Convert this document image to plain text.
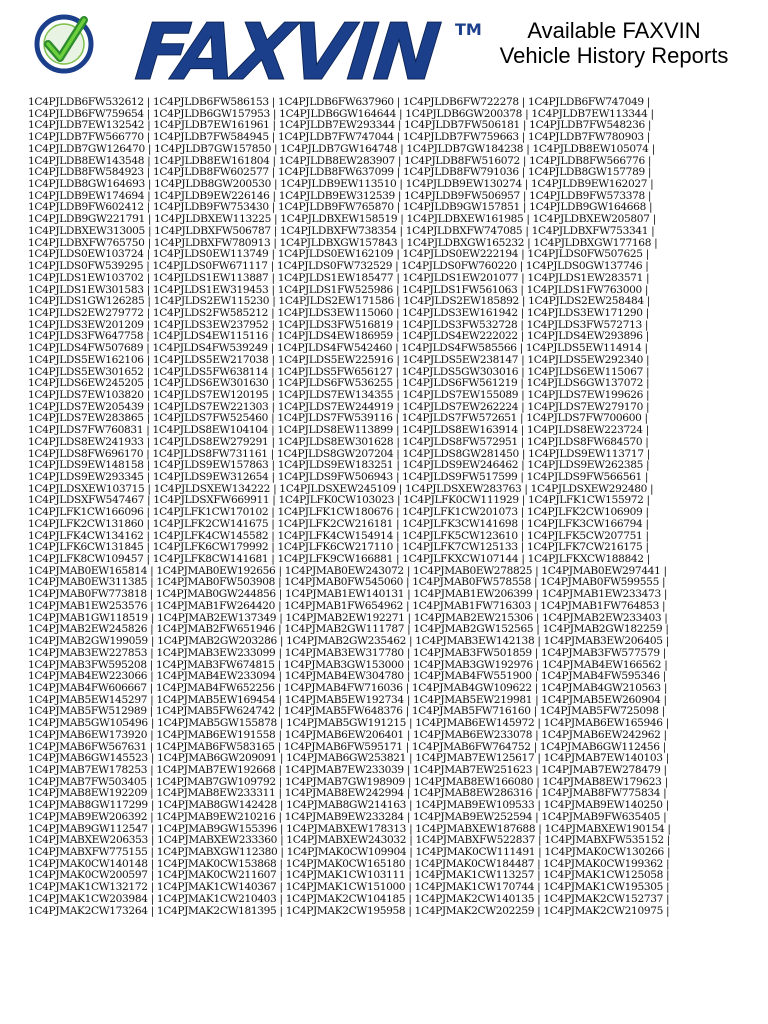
FAXVIN TM	Available FAXVIN
Vehicle History Reports
1C4PJLDB6FW532612 | 1C4PJLDB6FW586153 | 1C4PJLDB6FW637960 | 1C4PJLDB6FW722278 | 1C4PJLDB6FW747049 |
1C4PJLDB6FW759654 | 1C4PJLDB6GW157953 | 1C4PJLDB6GW164644 | 1C4PJLDB6GW200378 | 1C4PJLDB7EW113344 |
1C4PJLDB7EW132542 | 1C4PJLDB7EW161961 | 1C4PJLDB7EW293344 | 1C4PJLDB7FW506181 | 1C4PJLDB7FW548236 |
1C4PJLDB7FW566770 | 1C4PJLDB7FW584945 | 1C4PJLDB7FW747044 | 1C4PJLDB7FW759663 | 1C4PJLDB7FW780903 |
1C4PJLDB7GW126470 | 1C4PJLDB7GW157850 | 1C4PJLDB7GW164748 | 1C4PJLDB7GW184238 | 1C4PJLDB8EW105074 |
1C4PJLDB8EW143548 | 1C4PJLDB8EW161804 | 1C4PJLDB8EW283907 | 1C4PJLDB8FW516072 | 1C4PJLDB8FW566776 |
1C4PJLDB8FW584923 | 1C4PJLDB8FW602577 | 1C4PJLDB8FW637099 | 1C4PJLDB8FW791036 | 1C4PJLDB8GW157789 |
1C4PJLDB8GW164693 | 1C4PJLDB8GW200530 | 1C4PJLDB9EW113510 | 1C4PJLDB9EW130274 | 1C4PJLDB9EW162027 |
1C4PJLDB9EW174694 | 1C4PJLDB9EW226146 | 1C4PJLDB9EW312539 | 1C4PJLDB9FW506957 | 1C4PJLDB9FW573378 |
1C4PJLDB9FW602412 | 1C4PJLDB9FW753430 | 1C4PJLDB9FW765870 | 1C4PJLDB9GW157851 | 1C4PJLDB9GW164668 |
1C4PJLDB9GW221791 | 1C4PJLDBXEW113225 | 1C4PJLDBXEW158519 | 1C4PJLDBXEW161985 | 1C4PJLDBXEW205807 |
1C4PJLDBXEW313005 | 1C4PJLDBXFW506787 | 1C4PJLDBXFW738354 | 1C4PJLDBXFW747085 | 1C4PJLDBXFW753341 |
1C4PJLDBXFW765750 | 1C4PJLDBXFW780913 | 1C4PJLDBXGW157843 | 1C4PJLDBXGW165232 | 1C4PJLDBXGW177168 |
1C4PJLDS0EW103724 | 1C4PJLDS0EW113749 | 1C4PJLDS0EW162109 | 1C4PJLDS0EW222194 | 1C4PJLDS0FW507625 |
1C4PJLDS0FW539295 | 1C4PJLDS0FW671117 | 1C4PJLDS0FW732529 | 1C4PJLDS0FW760220 | 1C4PJLDS0GW137746 |
1C4PJLDS1EW103702 | 1C4PJLDS1EW113887 | 1C4PJLDS1EW185477 | 1C4PJLDS1EW201077 | 1C4PJLDS1EW283571 |
1C4PJLDS1EW301583 | 1C4PJLDS1EW319453 | 1C4PJLDS1FW525986 | 1C4PJLDS1FW561063 | 1C4PJLDS1FW763000 |
1C4PJLDS1GW126285 | 1C4PJLDS2EW115230 | 1C4PJLDS2EW171586 | 1C4PJLDS2EW185892 | 1C4PJLDS2EW258484 |
1C4PJLDS2EW279772 | 1C4PJLDS2FW585212 | 1C4PJLDS3EW115060 | 1C4PJLDS3EW161942 | 1C4PJLDS3EW171290 |
1C4PJLDS3EW201209 | 1C4PJLDS3EW237952 | 1C4PJLDS3FW516819 | 1C4PJLDS3FW532728 | 1C4PJLDS3FW572713 |
1C4PJLDS3FW647758 | 1C4PJLDS4EW115116 | 1C4PJLDS4EW186959 | 1C4PJLDS4EW222022 | 1C4PJLDS4EW293896 |
1C4PJLDS4FW507689 | 1C4PJLDS4FW539249 | 1C4PJLDS4FW542460 | 1C4PJLDS4FW585566 | 1C4PJLDS5EW114914 |
1C4PJLDS5EW162106 | 1C4PJLDS5EW217038 | 1C4PJLDS5EW225916 | 1C4PJLDS5EW238147 | 1C4PJLDS5EW292340 |
1C4PJLDS5EW301652 | 1C4PJLDS5FW638114 | 1C4PJLDS5FW656127 | 1C4PJLDS5GW303016 | 1C4PJLDS6EW115067 |
1C4PJLDS6EW245205 | 1C4PJLDS6EW301630 | 1C4PJLDS6FW536255 | 1C4PJLDS6FW561219 | 1C4PJLDS6GW137072 |
1C4PJLDS7EW103820 | 1C4PJLDS7EW120195 | 1C4PJLDS7EW134355 | 1C4PJLDS7EW155089 | 1C4PJLDS7EW199626 |
1C4PJLDS7EW205439 | 1C4PJLDS7EW221303 | 1C4PJLDS7EW244919 | 1C4PJLDS7EW262224 | 1C4PJLDS7EW279170 |
1C4PJLDS7EW283865 | 1C4PJLDS7FW525460 | 1C4PJLDS7FW539116 | 1C4PJLDS7FW572651 | 1C4PJLDS7FW700600 |
1C4PJLDS7FW760831 | 1C4PJLDS8EW104104 | 1C4PJLDS8EW113899 | 1C4PJLDS8EW163914 | 1C4PJLDS8EW223724 |
1C4PJLDS8EW241933 | 1C4PJLDS8EW279291 | 1C4PJLDS8EW301628 | 1C4PJLDS8FW572951 | 1C4PJLDS8FW684570 |
1C4PJLDS8FW696170 | 1C4PJLDS8FW731161 | 1C4PJLDS8GW207204 | 1C4PJLDS8GW281450 | 1C4PJLDS9EW113717 |
1C4PJLDS9EW148158 | 1C4PJLDS9EW157863 | 1C4PJLDS9EW183251 | 1C4PJLDS9EW246462 | 1C4PJLDS9EW262385 |
1C4PJLDS9EW293345 | 1C4PJLDS9EW312654 | 1C4PJLDS9FW506943 | 1C4PJLDS9FW517599 | 1C4PJLDS9FW566561 |
1C4PJLDSXEW103715 | 1C4PJLDSXEW134222 | 1C4PJLDSXEW245109 | 1C4PJLDSXEW283763 | 1C4PJLDSXEW292480 |
1C4PJLDSXFW547467 | 1C4PJLDSXFW669911 | 1C4PJLFK0CW103023 | 1C4PJLFK0CW111929 | 1C4PJLFK1CW155972 |
1C4PJLFK1CW166096 | 1C4PJLFK1CW170102 | 1C4PJLFK1CW180676 | 1C4PJLFK1CW201073 | 1C4PJLFK2CW106909 |
1C4PJLFK2CW131860 | 1C4PJLFK2CW141675 | 1C4PJLFK2CW216181 | 1C4PJLFK3CW141698 | 1C4PJLFK3CW166794 |
1C4PJLFK4CW134162 | 1C4PJLFK4CW145582 | 1C4PJLFK4CW154914 | 1C4PJLFK5CW123610 | 1C4PJLFK5CW207751 |
1C4PJLFK6CW131845 | 1C4PJLFK6CW179992 | 1C4PJLFK6CW217110 | 1C4PJLFK7CW125133 | 1C4PJLFK7CW216175 |
1C4PJLFK8CW109457 | 1C4PJLFK8CW141681 | 1C4PJLFK9CW166881 | 1C4PJLFKXCW107144 | 1C4PJLFKXCW188842 |
1C4PJMAB0EW165814 | 1C4PJMAB0EW192656 | 1C4PJMAB0EW243072 | 1C4PJMAB0EW278825 | 1C4PJMAB0EW297441 |
1C4PJMAB0EW311385 | 1C4PJMAB0FW503908 | 1C4PJMAB0FW545060 | 1C4PJMAB0FW578558 | 1C4PJMAB0FW599555 |
1C4PJMAB0FW773818 | 1C4PJMAB0GW244856 | 1C4PJMAB1EW140131 | 1C4PJMAB1EW206399 | 1C4PJMAB1EW233473 |
1C4PJMAB1EW253576 | 1C4PJMAB1FW264420 | 1C4PJMAB1FW654962 | 1C4PJMAB1FW716303 | 1C4PJMAB1FW764853 |
1C4PJMAB1GW118519 | 1C4PJMAB2EW137349 | 1C4PJMAB2EW192271 | 1C4PJMAB2EW215306 | 1C4PJMAB2EW233403 |
1C4PJMAB2EW245826 | 1C4PJMAB2FW651946 | 1C4PJMAB2GW111787 | 1C4PJMAB2GW152565 | 1C4PJMAB2GW182259 |
1C4PJMAB2GW199059 | 1C4PJMAB2GW203286 | 1C4PJMAB2GW235462 | 1C4PJMAB3EW142138 | 1C4PJMAB3EW206405 |
1C4PJMAB3EW227853 | 1C4PJMAB3EW233099 | 1C4PJMAB3EW317780 | 1C4PJMAB3FW501859 | 1C4PJMAB3FW577579 |
1C4PJMAB3FW595208 | 1C4PJMAB3FW674815 | 1C4PJMAB3GW153000 | 1C4PJMAB3GW192976 | 1C4PJMAB4EW166562 |
1C4PJMAB4EW223066 | 1C4PJMAB4EW233094 | 1C4PJMAB4EW304780 | 1C4PJMAB4FW551900 | 1C4PJMAB4FW595346 |
1C4PJMAB4FW606667 | 1C4PJMAB4FW652256 | 1C4PJMAB4FW716036 | 1C4PJMAB4GW109622 | 1C4PJMAB4GW210563 |
1C4PJMAB5EW145297 | 1C4PJMAB5EW169454 | 1C4PJMAB5EW192734 | 1C4PJMAB5EW219981 | 1C4PJMAB5EW260904 |
1C4PJMAB5FW512989 | 1C4PJMAB5FW624742 | 1C4PJMAB5FW648376 | 1C4PJMAB5FW716160 | 1C4PJMAB5FW725098 |
1C4PJMAB5GW105496 | 1C4PJMAB5GW155878 | 1C4PJMAB5GW191215 | 1C4PJMAB6EW145972 | 1C4PJMAB6EW165946 |
1C4PJMAB6EW173920 | 1C4PJMAB6EW191558 | 1C4PJMAB6EW206401 | 1C4PJMAB6EW233078 | 1C4PJMAB6EW242962 |
1C4PJMAB6FW567631 | 1C4PJMAB6FW583165 | 1C4PJMAB6FW595171 | 1C4PJMAB6FW764752 | 1C4PJMAB6GW112456 |
1C4PJMAB6GW145523 | 1C4PJMAB6GW209091 | 1C4PJMAB6GW253821 | 1C4PJMAB7EW125617 | 1C4PJMAB7EW140103 |
1C4PJMAB7EW178253 | 1C4PJMAB7EW192668 | 1C4PJMAB7EW233039 | 1C4PJMAB7EW251623 | 1C4PJMAB7EW278479 |
1C4PJMAB7FW503405 | 1C4PJMAB7GW109792 | 1C4PJMAB7GW198909 | 1C4PJMAB8EW166080 | 1C4PJMAB8EW179623 |
1C4PJMAB8EW192209 | 1C4PJMAB8EW233311 | 1C4PJMAB8EW242994 | 1C4PJMAB8EW286316 | 1C4PJMAB8FW775834 |
1C4PJMAB8GW117299 | 1C4PJMAB8GW142428 | 1C4PJMAB8GW214163 | 1C4PJMAB9EW109533 | 1C4PJMAB9EW140250 |
1C4PJMAB9EW206392 | 1C4PJMAB9EW210216 | 1C4PJMAB9EW233284 | 1C4PJMAB9EW252594 | 1C4PJMAB9FW635405 |
1C4PJMAB9GW112547 | 1C4PJMAB9GW155396 | 1C4PJMABXEW178313 | 1C4PJMABXEW187688 | 1C4PJMABXEW190154 |
1C4PJMABXEW206353 | 1C4PJMABXEW233360 | 1C4PJMABXEW243032 | 1C4PJMABXFW522837 | 1C4PJMABXFW535152 |
1C4PJMABXFW775155 | 1C4PJMABXGW112380 | 1C4PJMAK0CW109904 | 1C4PJMAK0CW111491 | 1C4PJMAK0CW130266 |
1C4PJMAK0CW140148 | 1C4PJMAK0CW153868 | 1C4PJMAK0CW165180 | 1C4PJMAK0CW184487 | 1C4PJMAK0CW199362 |
1C4PJMAK0CW200597 | 1C4PJMAK0CW211607 | 1C4PJMAK1CW103111 | 1C4PJMAK1CW113257 | 1C4PJMAK1CW125058 |
1C4PJMAK1CW132172 | 1C4PJMAK1CW140367 | 1C4PJMAK1CW151000 | 1C4PJMAK1CW170744 | 1C4PJMAK1CW195305 |
1C4PJMAK1CW203984 | 1C4PJMAK1CW210403 | 1C4PJMAK2CW104185 | 1C4PJMAK2CW140135 | 1C4PJMAK2CW152737 |
1C4PJMAK2CW173264 | 1C4PJMAK2CW181395 | 1C4PJMAK2CW195958 | 1C4PJMAK2CW202259 | 1C4PJMAK2CW210975 |
